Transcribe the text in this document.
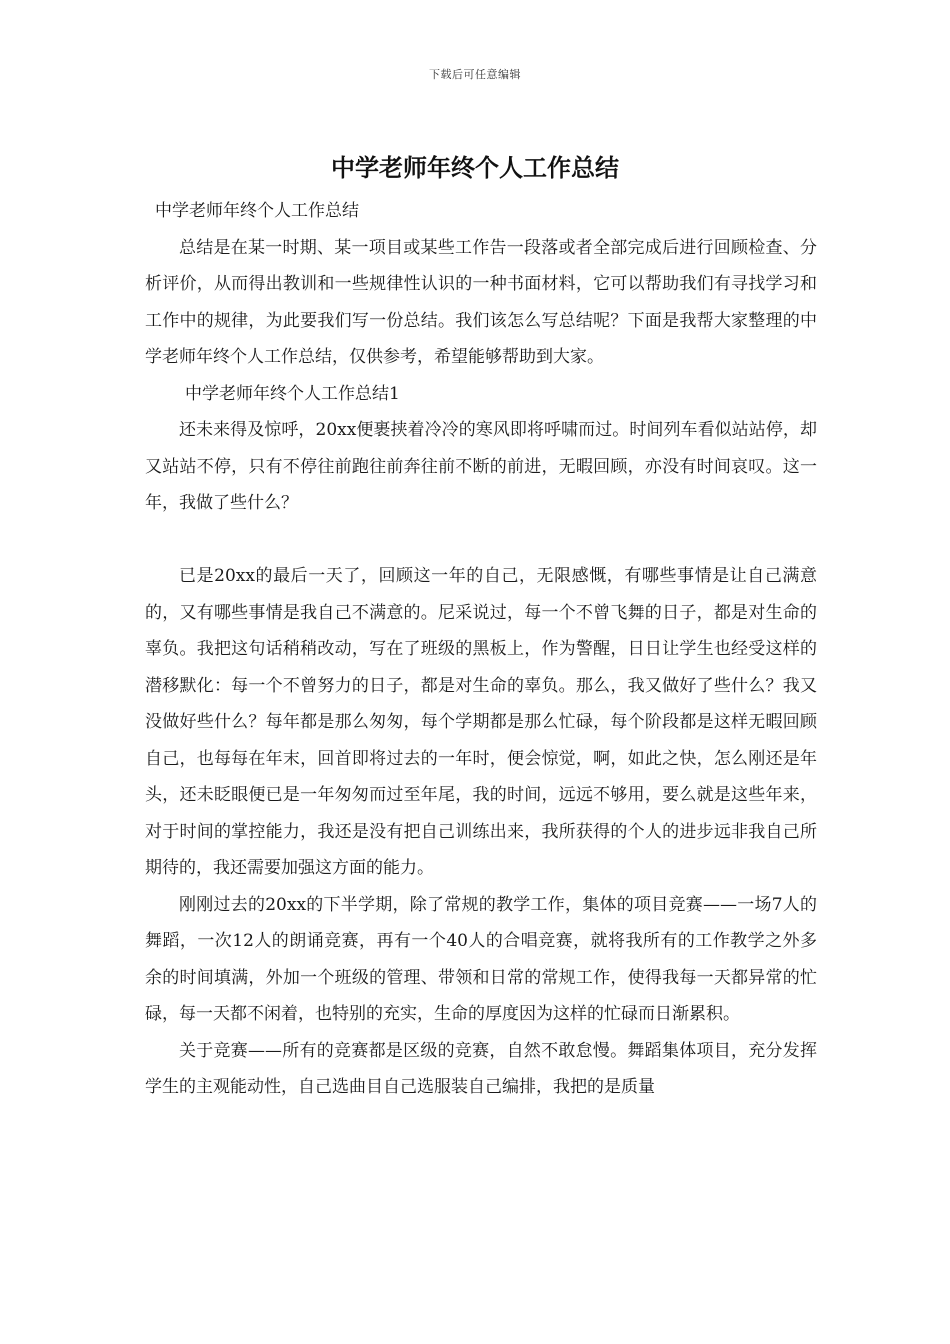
下载后可任意编辑
中学老师年终个人工作总结

中学老师年终个人工作总结

总结是在某一时期、某一项目或某些工作告一段落或者全部完成后进行回顾检查、分析评价，从而得出教训和一些规律性认识的一种书面材料，它可以帮助我们有寻找学习和工作中的规律，为此要我们写一份总结。我们该怎么写总结呢？下面是我帮大家整理的中学老师年终个人工作总结，仅供参考，希望能够帮助到大家。

中学老师年终个人工作总结1

还未来得及惊呼，20xx便裹挟着冷冷的寒风即将呼啸而过。时间列车看似站站停，却又站站不停，只有不停往前跑往前奔往前不断的前进，无暇回顾，亦没有时间哀叹。这一年，我做了些什么？

已是20xx的最后一天了，回顾这一年的自己，无限感慨，有哪些事情是让自己满意的，又有哪些事情是我自己不满意的。尼采说过，每一个不曾飞舞的日子，都是对生命的辜负。我把这句话稍稍改动，写在了班级的黑板上，作为警醒，日日让学生也经受这样的潜移默化：每一个不曾努力的日子，都是对生命的辜负。那么，我又做好了些什么？我又没做好些什么？每年都是那么匆匆，每个学期都是那么忙碌，每个阶段都是这样无暇回顾自己，也每每在年末，回首即将过去的一年时，便会惊觉，啊，如此之快，怎么刚还是年头，还未眨眼便已是一年匆匆而过至年尾，我的时间，远远不够用，要么就是这些年来，对于时间的掌控能力，我还是没有把自己训练出来，我所获得的个人的进步远非我自己所期待的，我还需要加强这方面的能力。

刚刚过去的20xx的下半学期，除了常规的教学工作，集体的项目竞赛——一场7人的舞蹈，一次12人的朗诵竞赛，再有一个40人的合唱竞赛，就将我所有的工作教学之外多余的时间填满，外加一个班级的管理、带领和日常的常规工作，使得我每一天都异常的忙碌，每一天都不闲着，也特别的充实，生命的厚度因为这样的忙碌而日渐累积。

关于竞赛——所有的竞赛都是区级的竞赛，自然不敢怠慢。舞蹈集体项目，充分发挥学生的主观能动性，自己选曲目自己选服装自己编排，我把的是质量
